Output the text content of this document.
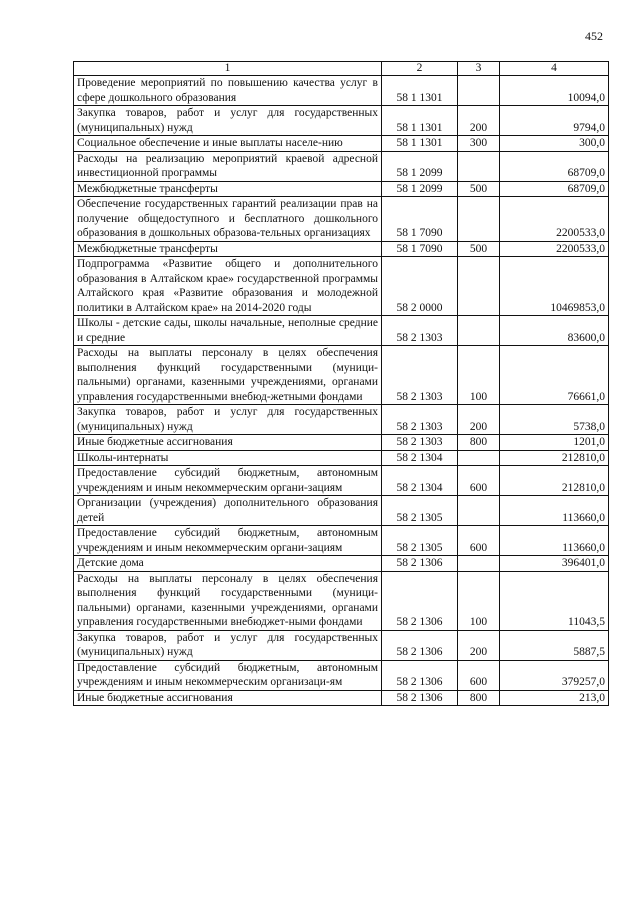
452
1	2	3	4
Проведение мероприятий по повышению качества услуг в сфере дошкольного образования	58 1 1301		10094,0
Закупка товаров, работ и услуг для государственных (муниципальных) нужд	58 1 1301	200	9794,0
Социальное обеспечение и иные выплаты населе-нию	58 1 1301	300	300,0
Расходы на реализацию мероприятий краевой адресной инвестиционной программы	58 1 2099		68709,0
Межбюджетные трансферты	58 1 2099	500	68709,0
Обеспечение государственных гарантий реализации прав на получение общедоступного и бесплатного дошкольного образования в дошкольных образова-тельных организациях	58 1 7090		2200533,0
Межбюджетные трансферты	58 1 7090	500	2200533,0
Подпрограмма «Развитие общего и дополнительного образования в Алтайском крае» государственной программы Алтайского края «Развитие образования и молодежной политики в Алтайском крае» на 2014-2020 годы	58 2 0000		10469853,0
Школы - детские сады, школы начальные, неполные средние и средние	58 2 1303		83600,0
Расходы на выплаты персоналу в целях обеспечения выполнения функций государственными (муници-пальными) органами, казенными учреждениями, органами управления государственными внебюд-жетными фондами	58 2 1303	100	76661,0
Закупка товаров, работ и услуг для государственных (муниципальных) нужд	58 2 1303	200	5738,0
Иные бюджетные ассигнования	58 2 1303	800	1201,0
Школы-интернаты	58 2 1304		212810,0
Предоставление субсидий бюджетным, автономным учреждениям и иным некоммерческим органи-зациям	58 2 1304	600	212810,0
Организации (учреждения) дополнительного образования детей	58 2 1305		113660,0
Предоставление субсидий бюджетным, автономным учреждениям и иным некоммерческим органи-зациям	58 2 1305	600	113660,0
Детские дома	58 2 1306		396401,0
Расходы на выплаты персоналу в целях обеспечения выполнения функций государственными (муници-пальными) органами, казенными учреждениями, органами управления государственными внебюджет-ными фондами	58 2 1306	100	11043,5
Закупка товаров, работ и услуг для государственных (муниципальных) нужд	58 2 1306	200	5887,5
Предоставление субсидий бюджетным, автономным учреждениям и иным некоммерческим организаци-ям	58 2 1306	600	379257,0
Иные бюджетные ассигнования	58 2 1306	800	213,0
